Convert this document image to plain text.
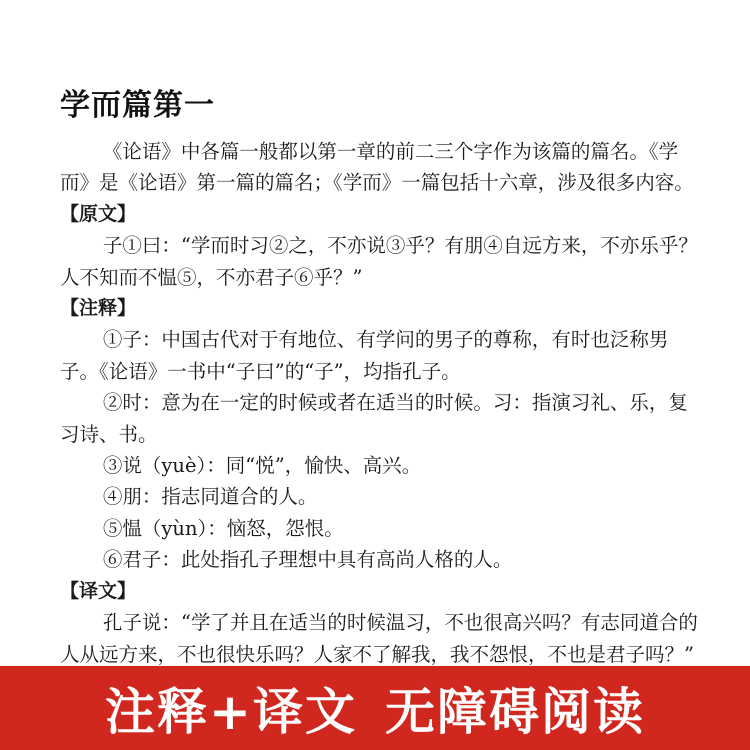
学而篇第一

《论语》中各篇一般都以第一章的前二三个字作为该篇的篇名。《学而》是《论语》第一篇的篇名；《学而》一篇包括十六章，涉及很多内容。

【原文】

子①曰：“学而时习②之，不亦说③乎？有朋④自远方来，不亦乐乎？人不知而不愠⑤，不亦君子⑥乎？”

【注释】

①子：中国古代对于有地位、有学问的男子的尊称，有时也泛称男子。《论语》一书中“子曰”的“子”，均指孔子。

②时：意为在一定的时候或者在适当的时候。习：指演习礼、乐，复习诗、书。

③说（yuè）：同“悦”，愉快、高兴。

④朋：指志同道合的人。

⑤愠（yùn）：恼怒，怨恨。

⑥君子：此处指孔子理想中具有高尚人格的人。

【译文】

孔子说：“学了并且在适当的时候温习，不也很高兴吗？有志同道合的人从远方来，不也很快乐吗？人家不了解我，我不怨恨，不也是君子吗？”

注释+译文 无障碍阅读
